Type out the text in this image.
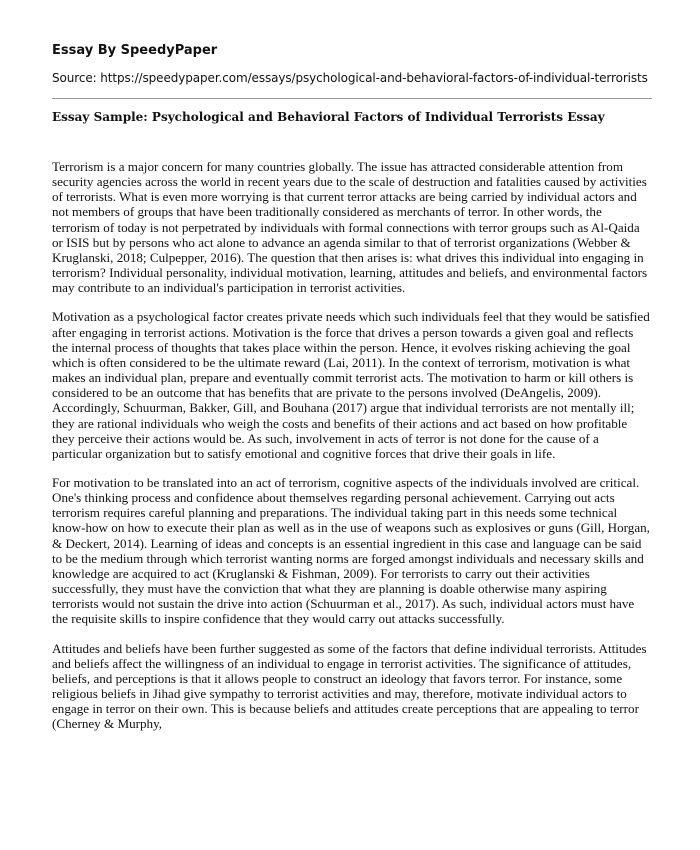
Essay By SpeedyPaper
Source: https://speedypaper.com/essays/psychological-and-behavioral-factors-of-individual-terrorists
Essay Sample: Psychological and Behavioral Factors of Individual Terrorists Essay

Terrorism is a major concern for many countries globally. The issue has attracted considerable attention from security agencies across the world in recent years due to the scale of destruction and fatalities caused by activities of terrorists. What is even more worrying is that current terror attacks are being carried by individual actors and not members of groups that have been traditionally considered as merchants of terror. In other words, the terrorism of today is not perpetrated by individuals with formal connections with terror groups such as Al-Qaida or ISIS but by persons who act alone to advance an agenda similar to that of terrorist organizations (Webber & Kruglanski, 2018; Culpepper, 2016). The question that then arises is: what drives this individual into engaging in terrorism? Individual personality, individual motivation, learning, attitudes and beliefs, and environmental factors may contribute to an individual's participation in terrorist activities.

Motivation as a psychological factor creates private needs which such individuals feel that they would be satisfied after engaging in terrorist actions. Motivation is the force that drives a person towards a given goal and reflects the internal process of thoughts that takes place within the person. Hence, it evolves risking achieving the goal which is often considered to be the ultimate reward (Lai, 2011). In the context of terrorism, motivation is what makes an individual plan, prepare and eventually commit terrorist acts. The motivation to harm or kill others is considered to be an outcome that has benefits that are private to the persons involved (DeAngelis, 2009). Accordingly, Schuurman, Bakker, Gill, and Bouhana (2017) argue that individual terrorists are not mentally ill; they are rational individuals who weigh the costs and benefits of their actions and act based on how profitable they perceive their actions would be. As such, involvement in acts of terror is not done for the cause of a particular organization but to satisfy emotional and cognitive forces that drive their goals in life.

For motivation to be translated into an act of terrorism, cognitive aspects of the individuals involved are critical. One's thinking process and confidence about themselves regarding personal achievement. Carrying out acts terrorism requires careful planning and preparations. The individual taking part in this needs some technical know-how on how to execute their plan as well as in the use of weapons such as explosives or guns (Gill, Horgan, & Deckert, 2014). Learning of ideas and concepts is an essential ingredient in this case and language can be said to be the medium through which terrorist wanting norms are forged amongst individuals and necessary skills and knowledge are acquired to act (Kruglanski & Fishman, 2009). For terrorists to carry out their activities successfully, they must have the conviction that what they are planning is doable otherwise many aspiring terrorists would not sustain the drive into action (Schuurman et al., 2017). As such, individual actors must have the requisite skills to inspire confidence that they would carry out attacks successfully.

Attitudes and beliefs have been further suggested as some of the factors that define individual terrorists. Attitudes and beliefs affect the willingness of an individual to engage in terrorist activities. The significance of attitudes, beliefs, and perceptions is that it allows people to construct an ideology that favors terror. For instance, some religious beliefs in Jihad give sympathy to terrorist activities and may, therefore, motivate individual actors to engage in terror on their own. This is because beliefs and attitudes create perceptions that are appealing to terror (Cherney & Murphy,
